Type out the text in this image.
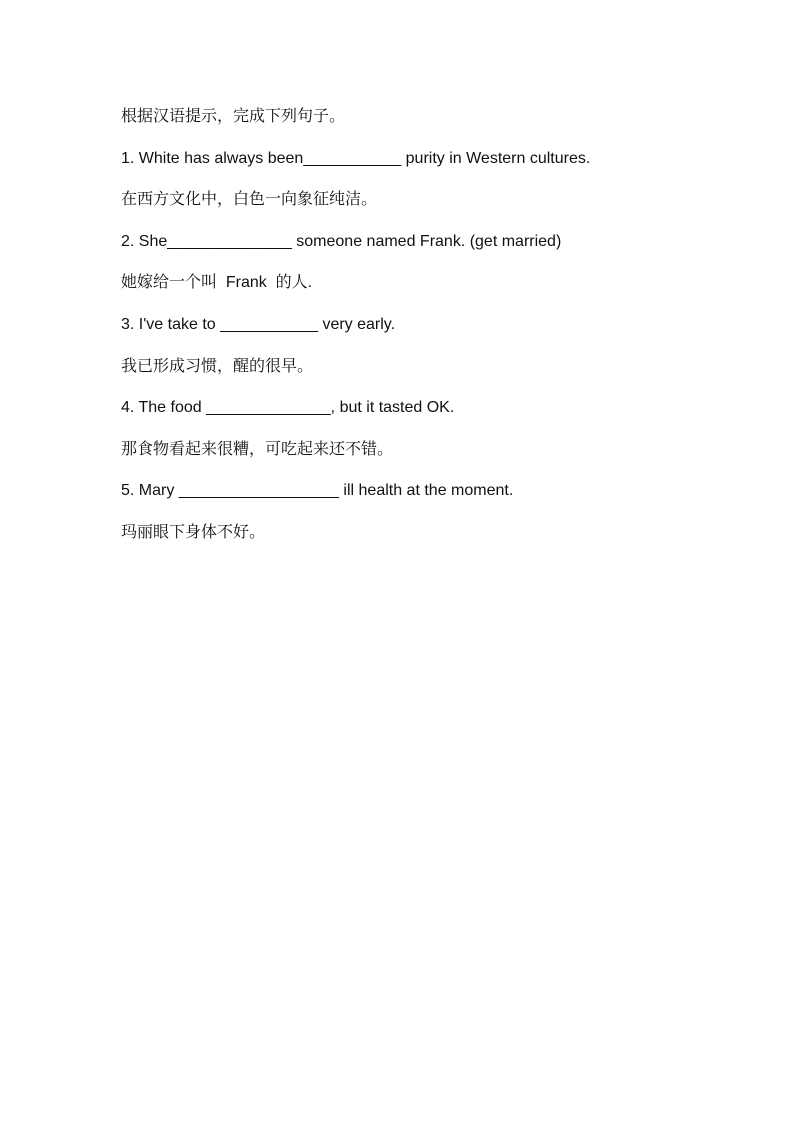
根据汉语提示，完成下列句子。
1. White has always been___________ purity in Western cultures.
在西方文化中，白色一向象征纯洁。
2. She______________ someone named Frank. (get married)
她嫁给一个叫  Frank  的人.
3. I've take to ___________ very early.
我已形成习惯，醒的很早。
4. The food ______________, but it tasted OK.
那食物看起来很糟，可吃起来还不错。
5. Mary __________________ ill health at the moment.
玛丽眼下身体不好。
